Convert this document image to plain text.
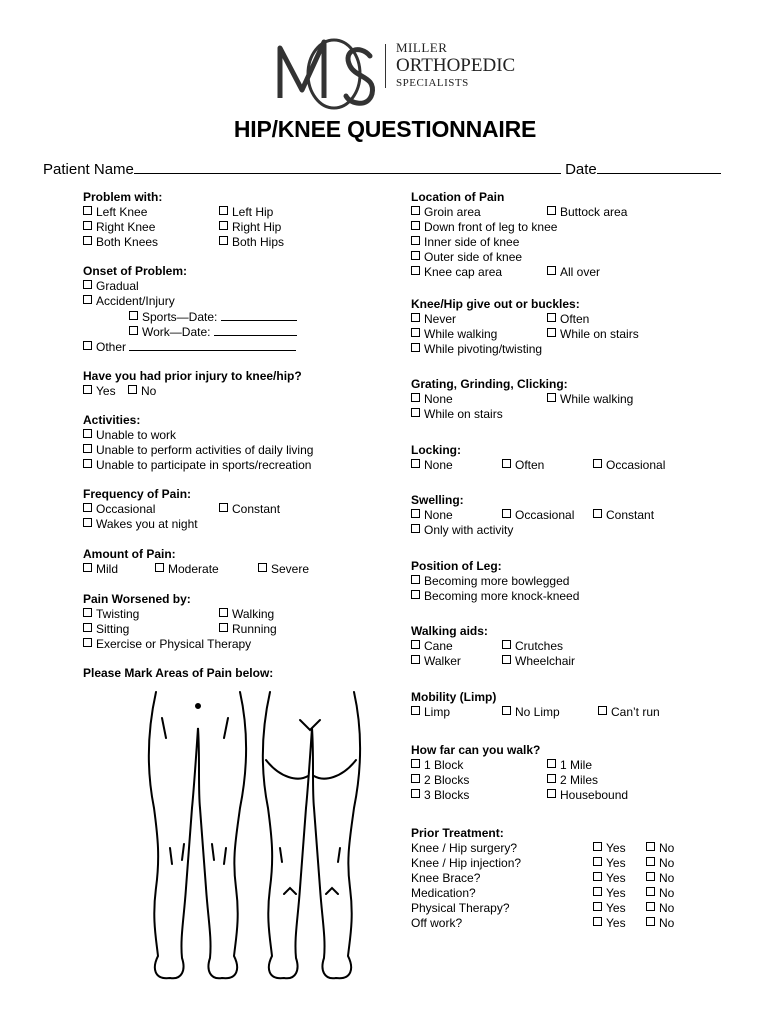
MILLER
ORTHOPEDIC
SPECIALISTS
HIP/KNEE QUESTIONNAIRE
Patient Name	Date
Problem with:
Left Knee	Left Hip
Right Knee	Right Hip
Both Knees	Both Hips
Onset of Problem:
Gradual
Accident/Injury
Sports—Date:
Work—Date:
Other
Have you had prior injury to knee/hip?
Yes	No
Activities:
Unable to work
Unable to perform activities of daily living
Unable to participate in sports/recreation
Frequency of Pain:
Occasional	Constant
Wakes you at night
Amount of Pain:
Mild	Moderate	Severe
Pain Worsened by:
Twisting	Walking
Sitting	Running
Exercise or Physical Therapy
Please Mark Areas of Pain below:
Location of Pain
Groin area	Buttock area
Down front of leg to knee
Inner side of knee
Outer side of knee
Knee cap area	All over
Knee/Hip give out or buckles:
Never	Often
While walking	While on stairs
While pivoting/twisting
Grating, Grinding, Clicking:
None	While walking
While on stairs
Locking:
None	Often	Occasional
Swelling:
None	Occasional	Constant
Only with activity
Position of Leg:
Becoming more bowlegged
Becoming more knock-kneed
Walking aids:
Cane	Crutches
Walker	Wheelchair
Mobility (Limp)
Limp	No Limp	Can’t run
How far can you walk?
1 Block	1 Mile
2 Blocks	2 Miles
3 Blocks	Housebound
Prior Treatment:
Knee / Hip surgery?	Yes	No
Knee / Hip injection?	Yes	No
Knee Brace?	Yes	No
Medication?	Yes	No
Physical Therapy?	Yes	No
Off work?	Yes	No
